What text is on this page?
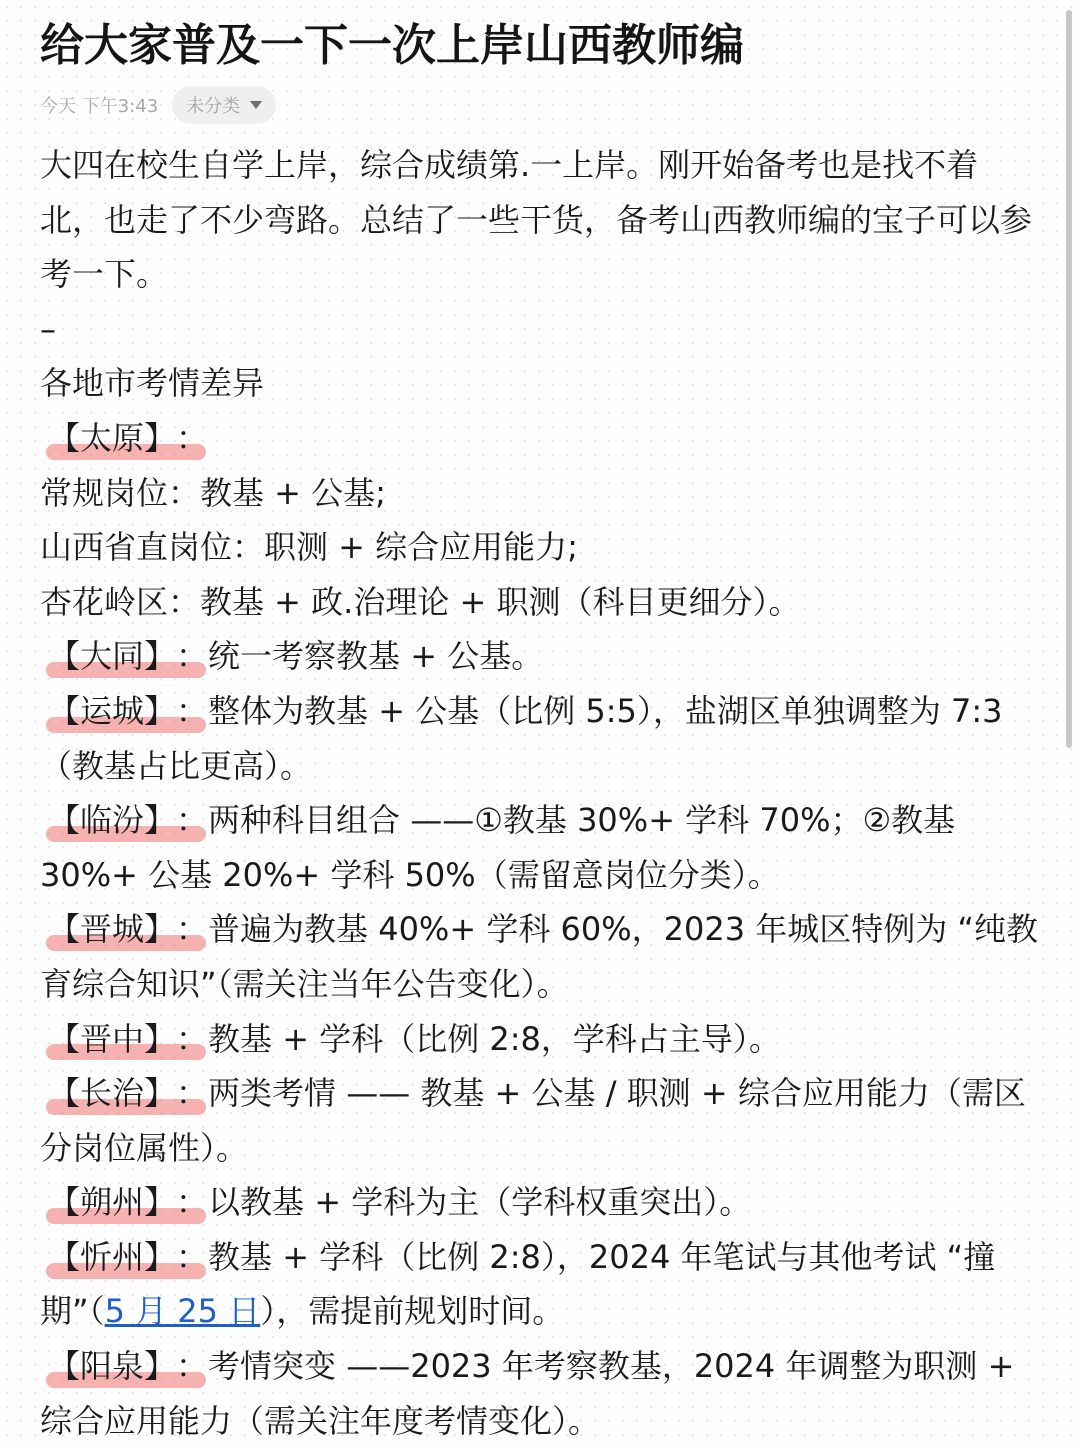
给大家普及一下一次上岸山西教师编
今天 下午3:43 未分类

大四在校生自学上岸，综合成绩第.一上岸。刚开始备考也是找不着北，也走了不少弯路。总结了一些干货，备考山西教师编的宝子可以参考一下。

–

各地市考情差异

【太原】：

常规岗位：教基 + 公基;

山西省直岗位：职测 + 综合应用能力;

杏花岭区：教基 + 政.治理论 + 职测（科目更细分）。

【大同】：统一考察教基 + 公基。

【运城】：整体为教基 + 公基（比例 5:5），盐湖区单独调整为 7:3（教基占比更高）。

【临汾】：两种科目组合 ——①教基 30%+ 学科 70%；②教基 30%+ 公基 20%+ 学科 50%（需留意岗位分类）。

【晋城】：普遍为教基 40%+ 学科 60%，2023 年城区特例为 “纯教育综合知识”（需关注当年公告变化）。

【晋中】：教基 + 学科（比例 2:8，学科占主导）。

【长治】：两类考情 —— 教基 + 公基 / 职测 + 综合应用能力（需区分岗位属性）。

【朔州】：以教基 + 学科为主（学科权重突出）。

【忻州】：教基 + 学科（比例 2:8），2024 年笔试与其他考试 “撞期”（5 月 25 日），需提前规划时间。

【阳泉】：考情突变 ——2023 年考察教基，2024 年调整为职测 + 综合应用能力（需关注年度考情变化）。
